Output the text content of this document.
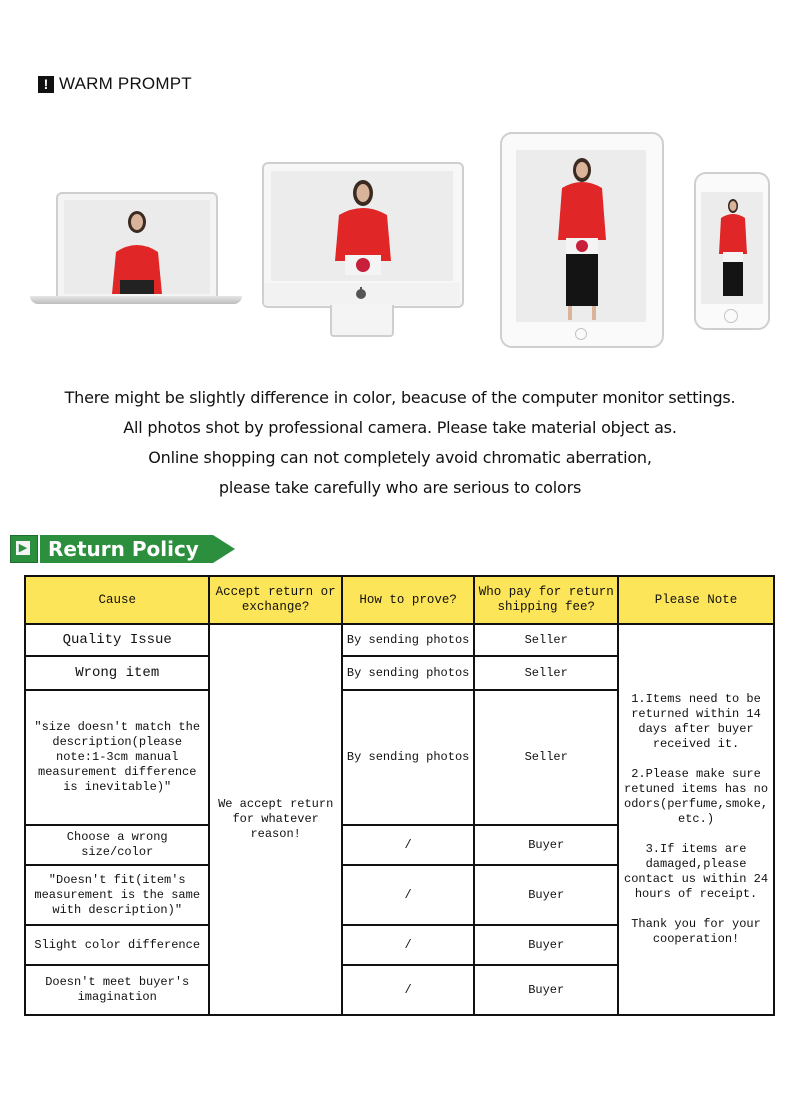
! WARM PROMPT
There might be slightly difference in color, beacuse of the computer monitor settings.
All photos shot by professional camera. Please take material object as.
Online shopping can not completely avoid chromatic aberration,
please take carefully who are serious to colors
▶	Return Policy
Cause	Accept return or exchange?	How to prove?	Who pay for return shipping fee?	Please Note
Quality Issue	We accept return for whatever reason!	By sending photos	Seller	1.Items need to be returned within 14 days after buyer received it.

2.Please make sure retuned items has no odors(perfume,smoke, etc.)

3.If items are damaged,please contact us within 24 hours of receipt.

Thank you for your cooperation!

Wrong item		By sending photos	Seller	
"size doesn't match the description(please note:1-3cm manual measurement difference is inevitable)"		By sending photos	Seller	
Choose a wrong size/color		/	Buyer	
"Doesn't fit(item's measurement is the same with description)"		/	Buyer	
Slight color difference		/	Buyer	
Doesn't meet buyer's imagination		/	Buyer	
